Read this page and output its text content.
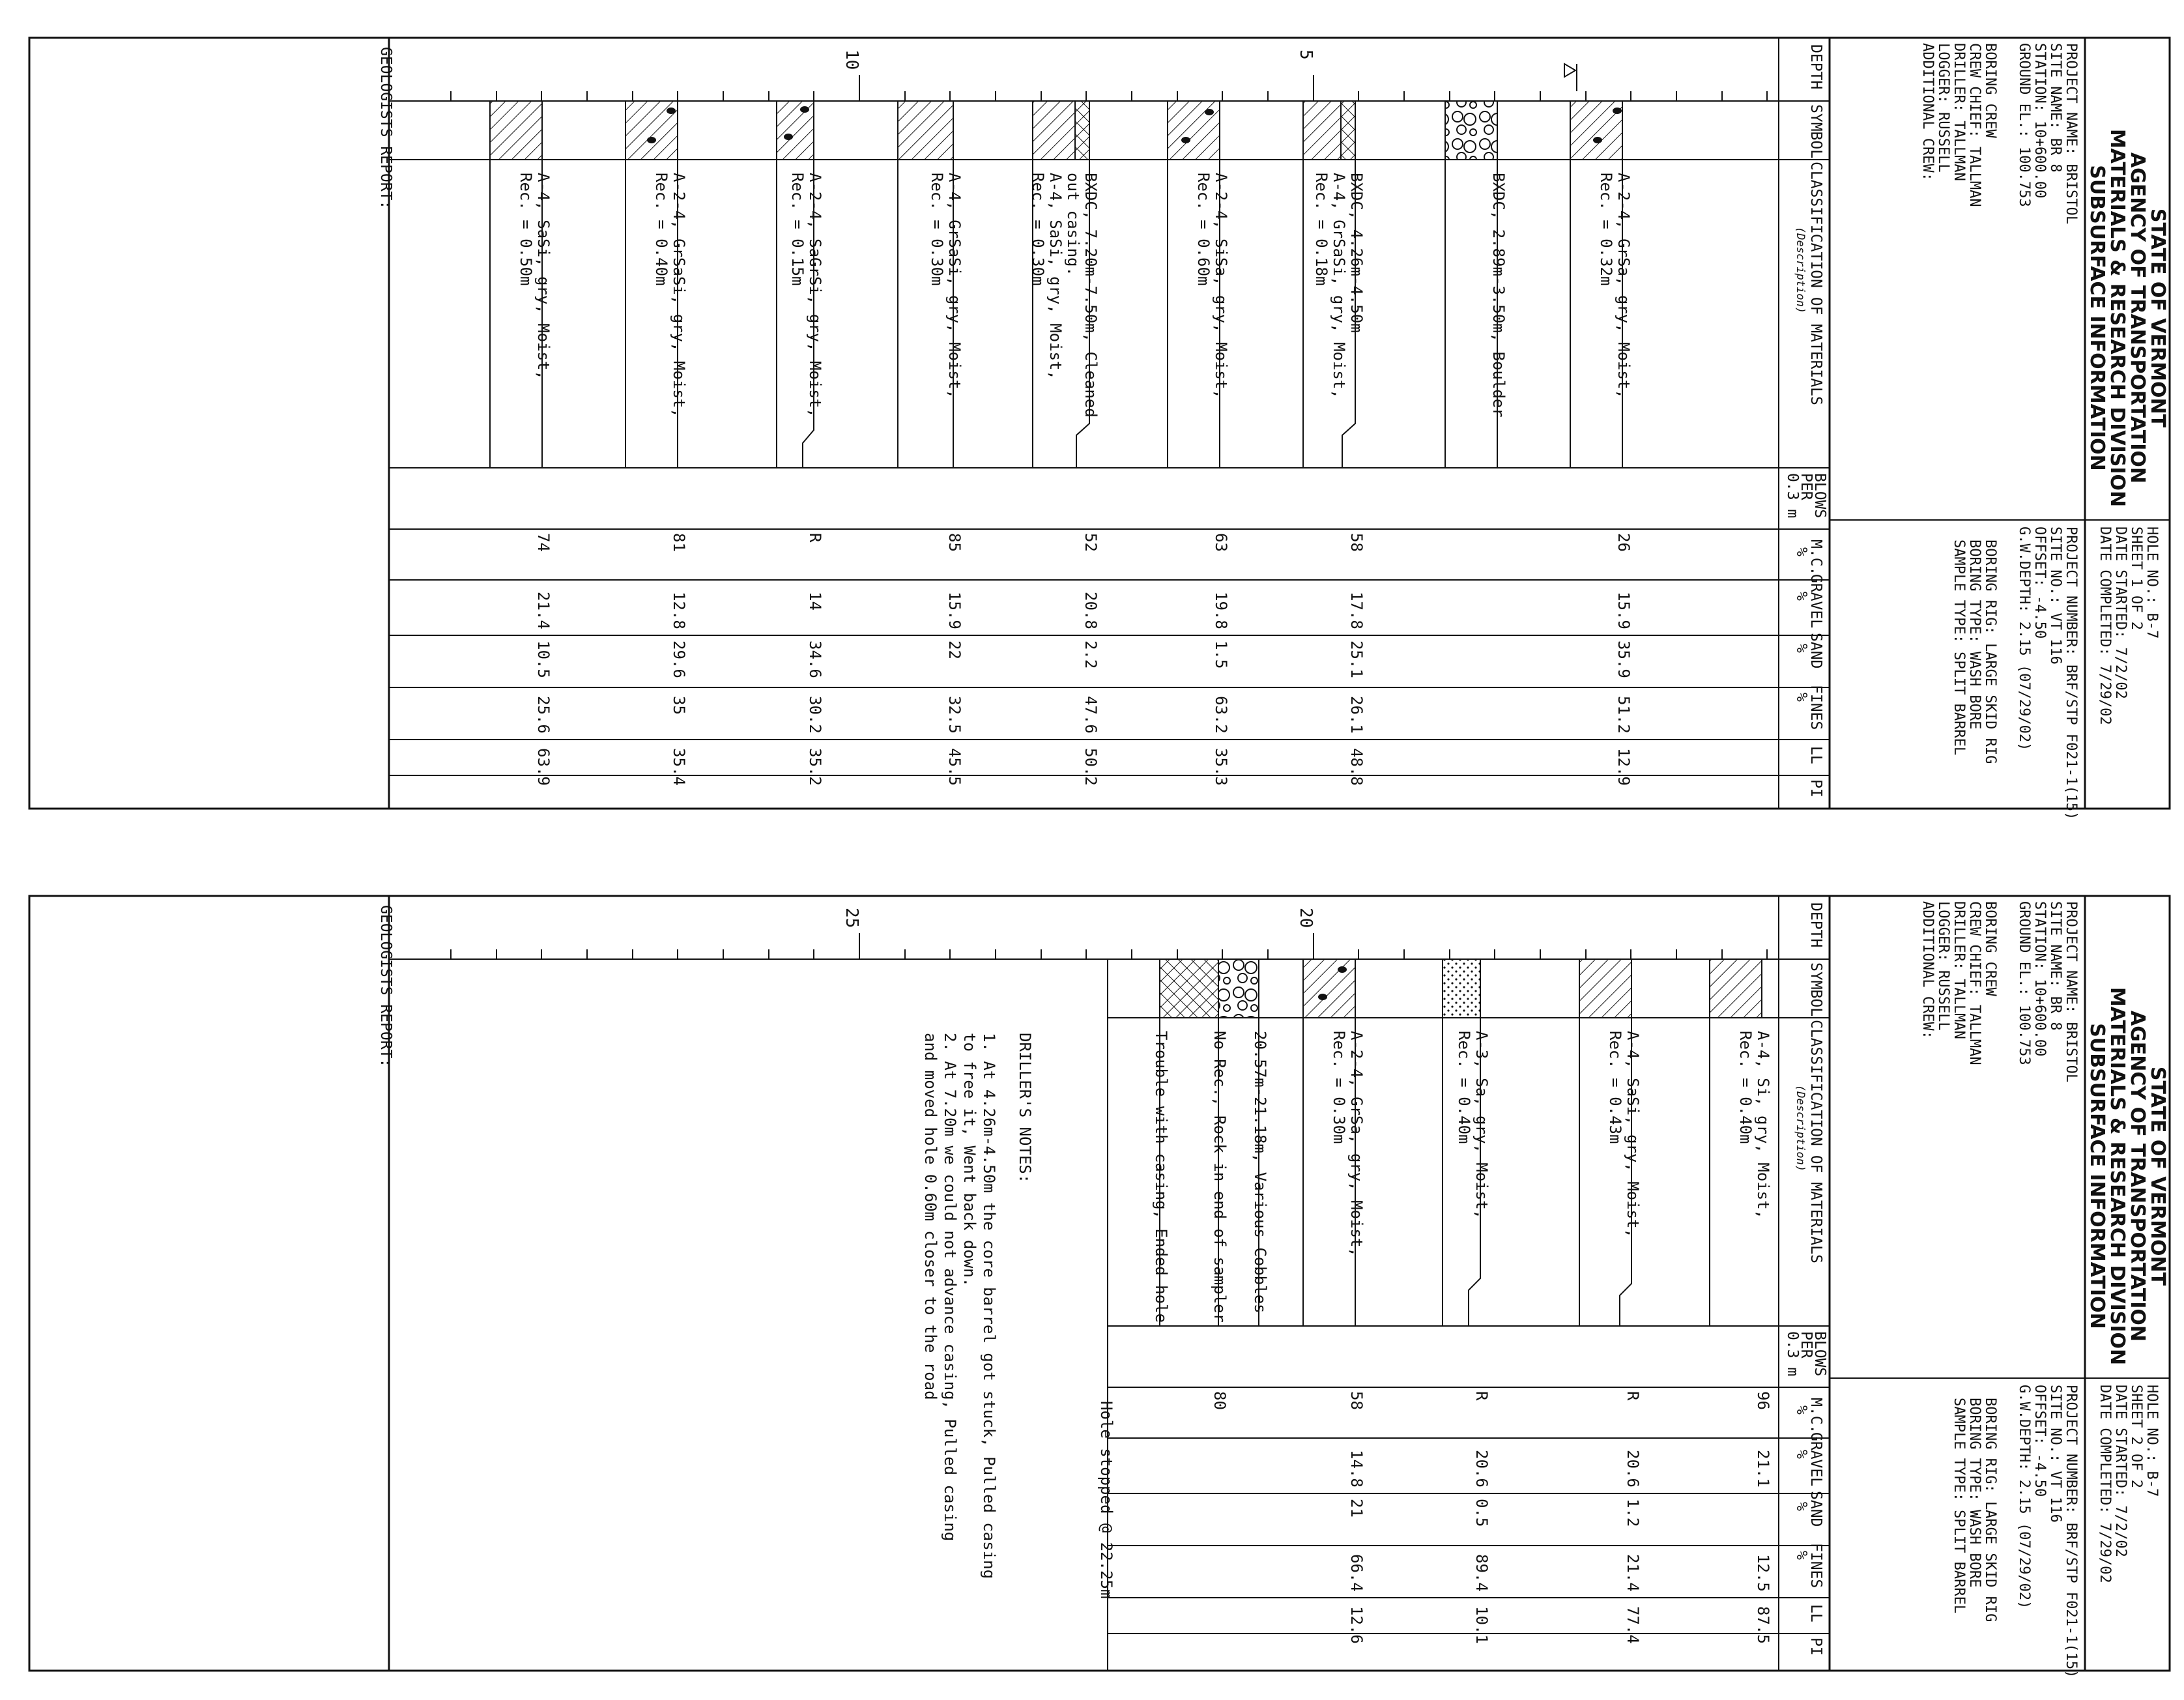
STATE OF VERMONT
AGENCY OF TRANSPORTATION
MATERIALS & RESEARCH DIVISION
SUBSURFACE INFORMATION
PROJECT NAME: BRISTOL
SITE NAME: BR 8
STATION: 10+600.00
GROUND EL.: 100.753
BORING CREW
CREW CHIEF: TALLMAN
DRILLER: TALLMAN
LOGGER: RUSSELL
ADDITIONAL CREW:
HOLE NO.: B-7
SHEET 1 OF 2
DATE STARTED: 7/2/02
DATE COMPLETED: 7/29/02
PROJECT NUMBER: BRF/STP F021-1(15)
SITE NO.: VT 116
OFFSET: -4.50
G.W.DEPTH: 2.15 (07/29/02)
BORING RIG: LARGE SKID RIG
BORING TYPE: WASH BORE
SAMPLE TYPE: SPLIT BARREL
DEPTH
SYMBOL
CLASSIFICATION OF MATERIALS
(Description)
BLOWS
PER
0.3 m
M.C.
%
GRAVEL
%
SAND
%
FINES
%
LL
PI
5
10
STATE OF VERMONT
AGENCY OF TRANSPORTATION
MATERIALS & RESEARCH DIVISION
SUBSURFACE INFORMATION
PROJECT NAME: BRISTOL
SITE NAME: BR 8
STATION: 10+600.00
GROUND EL.: 100.753
BORING CREW
CREW CHIEF: TALLMAN
DRILLER: TALLMAN
LOGGER: RUSSELL
ADDITIONAL CREW:
HOLE NO.: B-7
SHEET 2 OF 2
DATE STARTED: 7/2/02
DATE COMPLETED: 7/29/02
PROJECT NUMBER: BRF/STP F021-1(15)
SITE NO.: VT 116
OFFSET: -4.50
G.W.DEPTH: 2.15 (07/29/02)
BORING RIG: LARGE SKID RIG
BORING TYPE: WASH BORE
SAMPLE TYPE: SPLIT BARREL
DEPTH
SYMBOL
CLASSIFICATION OF MATERIALS
(Description)
BLOWS
PER
0.3 m
M.C.
%
GRAVEL
%
SAND
%
FINES
%
LL
PI
20
25
A-2-4, GrSa, gry, Moist,
Rec. = 0.32m
26
15.9
35.9
51.2
12.9
BXDC, 2.89m-3.50m, Boulder
BXDC, 4.26m-4.50m
A-4, GrSaSi, gry, Moist,
Rec. = 0.18m
58
17.8
25.1
26.1
48.8
A-2-4, SiSa, gry, Moist,
Rec. = 0.60m
63
19.8
1.5
63.2
35.3
BXDC, 7.20m-7.50m, Cleaned
out casing.
A-4, SaSi, gry, Moist,
Rec. = 0.30m
52
20.8
2.2
47.6
50.2
A-4, GrSaSi, gry, Moist,
Rec. = 0.30m
85
15.9
22
32.5
45.5
A-2-4, SaGrSi, gry, Moist,
Rec. = 0.15m
R
14
34.6
30.2
35.2
A-2-4, GrSaSi, gry, Moist,
Rec. = 0.40m
81
12.8
29.6
35
35.4
A-4, SaSi, gry, Moist,
Rec. = 0.50m
74
21.4
10.5
25.6
63.9
A-4, Si, gry, Moist,
Rec. = 0.40m
96
21.1
12.5
87.5
A-4, SaSi, gry, Moist,
Rec. = 0.43m
R
20.6
1.2
21.4
77.4
A-3, Sa, gry, Moist,
Rec. = 0.40m
R
20.6
0.5
89.4
10.1
A-2-4, GrSa, gry, Moist,
Rec. = 0.30m
58
14.8
21
66.4
12.6
20.57m-21.18m, Various Cobbles
No Rec., Rock in end of sampler
80
Trouble with casing, Ended hole
Hole stopped @ 22.25m
DRILLER'S NOTES:
1. At 4.26m-4.50m the core barrel got stuck, Pulled casing
to free it, Went back down.
2. At 7.20m we could not advance casing, Pulled casing
and moved hole 0.60m closer to the road
GEOLOGISTS REPORT:
GEOLOGISTS REPORT:
